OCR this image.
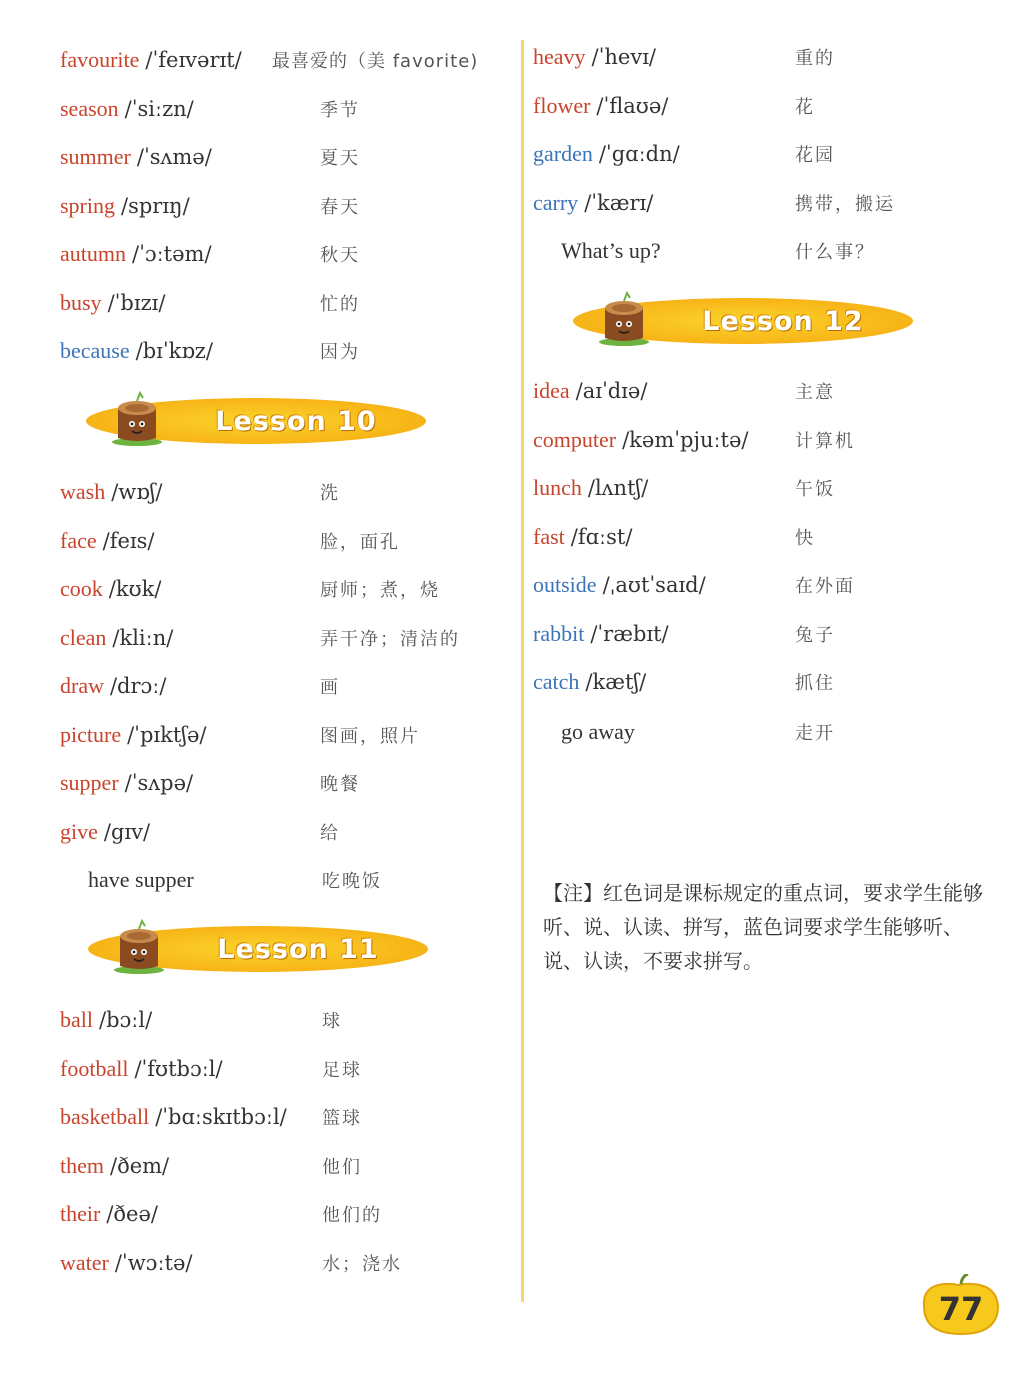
favourite /ˈfeɪvərɪt/ 最喜爱的（美 favorite)
season /ˈsiːzn/	季节
summer /ˈsʌmə/	夏天
spring /sprɪŋ/	春天
autumn /ˈɔːtəm/	秋天
busy /ˈbɪzɪ/	忙的
because /bɪˈkɒz/	因为
Lesson 10
wash /wɒʃ/	洗
face /feɪs/	脸，面孔
cook /kʊk/	厨师；煮，烧
clean /kliːn/	弄干净；清洁的
draw /drɔː/	画
picture /ˈpɪktʃə/	图画，照片
supper /ˈsʌpə/	晚餐
give /gɪv/	给
have supper	吃晚饭
Lesson 11
ball /bɔːl/	球
football /ˈfʊtbɔːl/	足球
basketball /ˈbɑːskɪtbɔːl/ 篮球
them /ðem/	他们
their /ðeə/	他们的
water /ˈwɔːtə/	水；浇水
heavy /ˈhevɪ/	重的
flower /ˈflaʊə/	花
garden /ˈgɑːdn/	花园
carry /ˈkærɪ/	携带，搬运
What’s up?	什么事？
Lesson 12
idea /aɪˈdɪə/	主意
computer /kəmˈpjuːtə/	计算机
lunch /lʌntʃ/	午饭
fast /fɑːst/	快
outside /ˌaʊtˈsaɪd/	在外面
rabbit /ˈræbɪt/	兔子
catch /kætʃ/	抓住
go away	走开
【注】红色词是课标规定的重点词，要求学生能够听、说、认读、拼写，蓝色词要求学生能够听、说、认读，不要求拼写。
77
